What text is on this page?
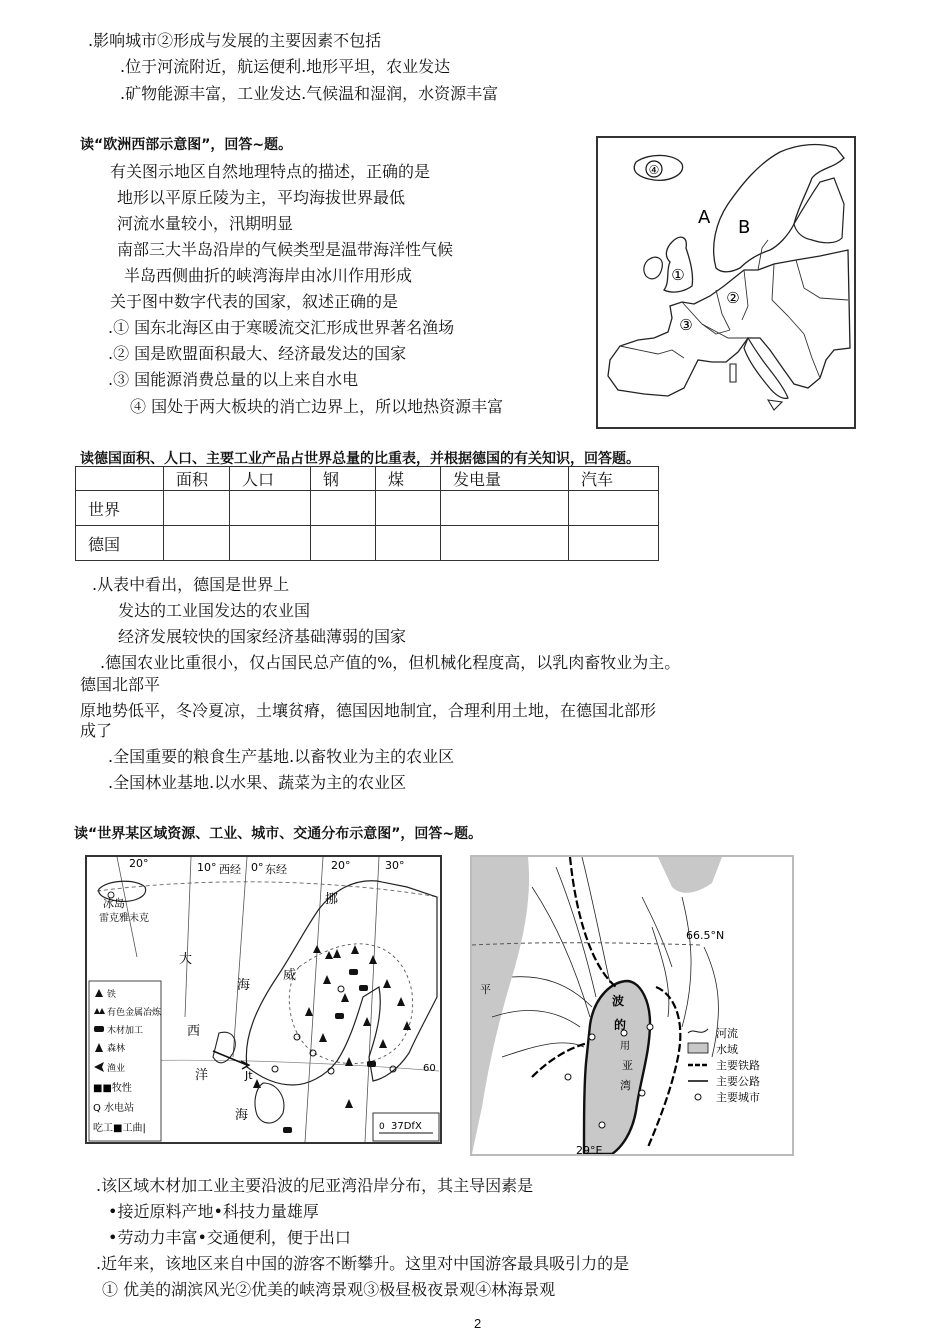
.影响城市②形成与发展的主要因素不包括
.位于河流附近，航运便利.地形平坦，农业发达
.矿物能源丰富，工业发达.气候温和湿润，水资源丰富
读“欧洲西部示意图”，回答~题。
有关图示地区自然地理特点的描述，正确的是
地形以平原丘陵为主，平均海拔世界最低
河流水量较小，汛期明显
南部三大半岛沿岸的气候类型是温带海洋性气候
半岛西侧曲折的峡湾海岸由冰川作用形成
关于图中数字代表的国家，叙述正确的是
.① 国东北海区由于寒暖流交汇形成世界著名渔场
.② 国是欧盟面积最大、经济最发达的国家
.③ 国能源消费总量的以上来自水电
④ 国处于两大板块的消亡边界上，所以地热资源丰富
④
A B
①
②
③
读德国面积、人口、主要工业产品占世界总量的比重表，并根据德国的有关知识，回答题。
	面积	人口	钢	煤	发电量	汽车
世界						
德国						
.从表中看出，德国是世界上
发达的工业国发达的农业国
经济发展较快的国家经济基础薄弱的国家
.德国农业比重很小，仅占国民总产值的%，但机械化程度高，以乳肉畜牧业为主。
德国北部平
原地势低平，冬冷夏凉，土壤贫瘠，德国因地制宜，合理利用土地，在德国北部形
成了
.全国重要的粮食生产基地.以畜牧业为主的农业区
.全国林业基地.以水果、蔬菜为主的农业区
读“世界某区域资源、工业、城市、交通分布示意图”，回答~题。
20°	10° 西经 0° 东经	20°	30°
冰岛
雷克雅未克
大
西
洋
挪
威
海
海
Jt
60
0 37DfX
铁
有色金属冶炼
木材加工
森林
渔业
■■牧性
Q 水电站
吃工■工曲|
66.5°N
29°E
波
的
用
亚
湾
平
河流
水域
主要铁路
主要公路
主要城市
.该区域木材加工业主要沿波的尼亚湾沿岸分布，其主导因素是
•接近原料产地•科技力量雄厚
•劳动力丰富•交通便利，便于出口
.近年来，该地区来自中国的游客不断攀升。这里对中国游客最具吸引力的是
① 优美的湖滨风光②优美的峡湾景观③极昼极夜景观④林海景观
2
